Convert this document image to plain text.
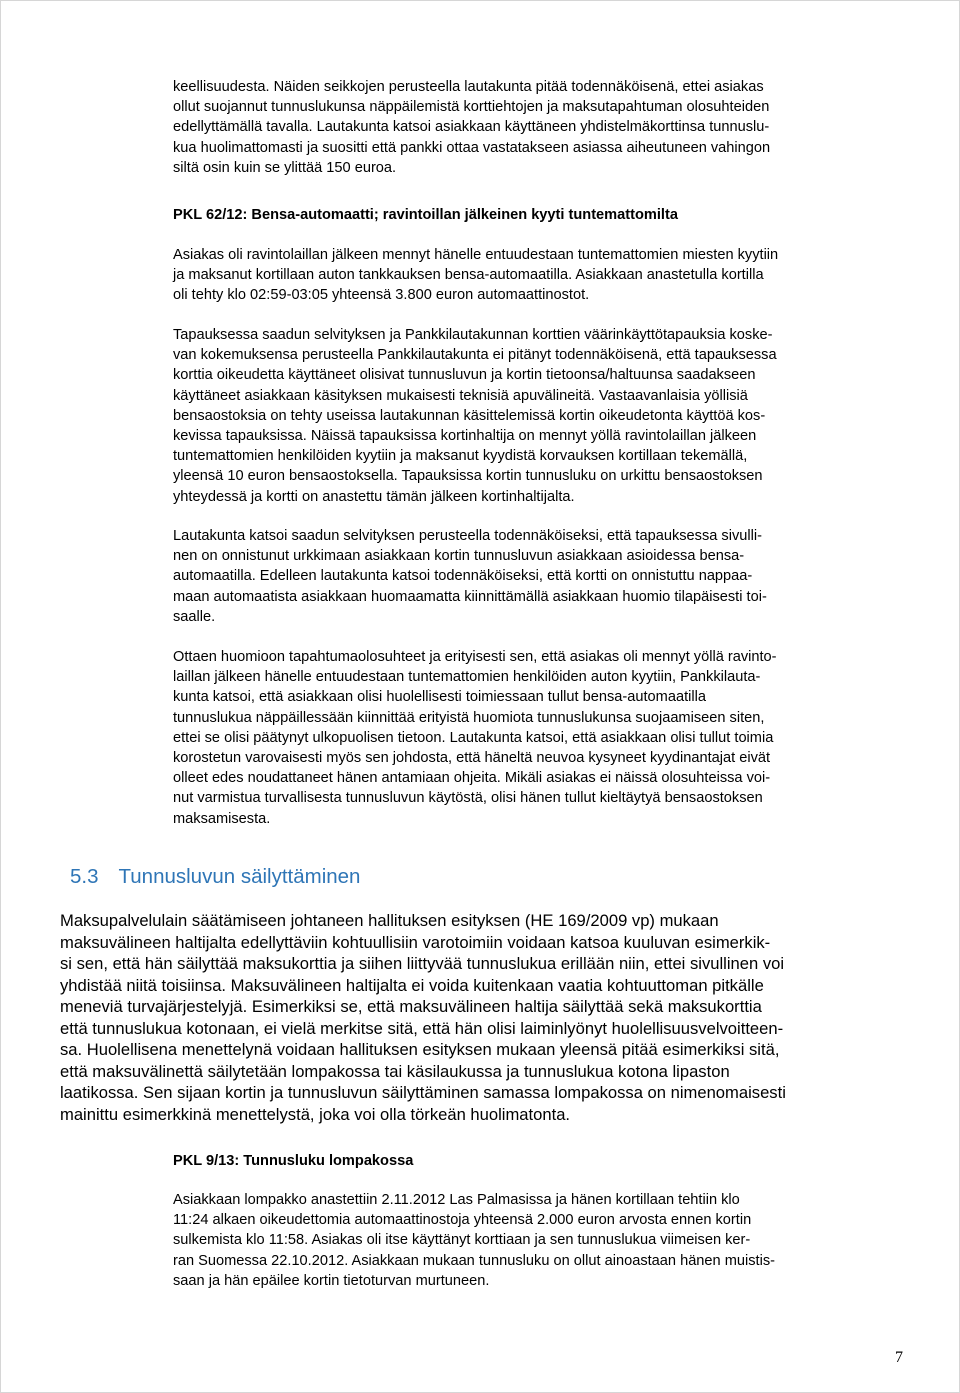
keellisuudesta. Näiden seikkojen perusteella lautakunta pitää todennäköisenä, ettei asiakas
ollut suojannut tunnuslukunsa näppäilemistä korttiehtojen ja maksutapahtuman olosuhteiden
edellyttämällä tavalla. Lautakunta katsoi asiakkaan käyttäneen yhdistelmäkorttinsa tunnuslu-
kua huolimattomasti ja suositti että pankki ottaa vastatakseen asiassa aiheutuneen vahingon
siltä osin kuin se ylittää 150 euroa.
PKL 62/12: Bensa-automaatti; ravintoillan jälkeinen kyyti tuntemattomilta
Asiakas oli ravintolaillan jälkeen mennyt hänelle entuudestaan tuntemattomien miesten kyytiin
ja maksanut kortillaan auton tankkauksen bensa-automaatilla. Asiakkaan anastetulla kortilla
oli tehty klo 02:59-03:05 yhteensä 3.800 euron automaattinostot.
Tapauksessa saadun selvityksen ja Pankkilautakunnan korttien väärinkäyttötapauksia koske-
van kokemuksensa perusteella Pankkilautakunta ei pitänyt todennäköisenä, että tapauksessa
korttia oikeudetta käyttäneet olisivat tunnusluvun ja kortin tietoonsa/haltuunsa saadakseen
käyttäneet asiakkaan käsityksen mukaisesti teknisiä apuvälineitä. Vastaavanlaisia yöllisiä
bensaostoksia on tehty useissa lautakunnan käsittelemissä kortin oikeudetonta käyttöä kos-
kevissa tapauksissa. Näissä tapauksissa kortinhaltija on mennyt yöllä ravintolaillan jälkeen
tuntemattomien henkilöiden kyytiin ja maksanut kyydistä korvauksen kortillaan tekemällä,
yleensä 10 euron bensaostoksella. Tapauksissa kortin tunnusluku on urkittu bensaostoksen
yhteydessä ja kortti on anastettu tämän jälkeen kortinhaltijalta.
Lautakunta katsoi saadun selvityksen perusteella todennäköiseksi, että tapauksessa sivulli-
nen on onnistunut urkkimaan asiakkaan kortin tunnusluvun asiakkaan asioidessa bensa-
automaatilla. Edelleen lautakunta katsoi todennäköiseksi, että kortti on onnistuttu nappaa-
maan automaatista asiakkaan huomaamatta kiinnittämällä asiakkaan huomio tilapäisesti toi-
saalle.
Ottaen huomioon tapahtumaolosuhteet ja erityisesti sen, että asiakas oli mennyt yöllä ravinto-
laillan jälkeen hänelle entuudestaan tuntemattomien henkilöiden auton kyytiin, Pankkilauta-
kunta katsoi, että asiakkaan olisi huolellisesti toimiessaan tullut bensa-automaatilla
tunnuslukua näppäillessään kiinnittää erityistä huomiota tunnuslukunsa suojaamiseen siten,
ettei se olisi päätynyt ulkopuolisen tietoon. Lautakunta katsoi, että asiakkaan olisi tullut toimia
korostetun varovaisesti myös sen johdosta, että häneltä neuvoa kysyneet kyydinantajat eivät
olleet edes noudattaneet hänen antamiaan ohjeita. Mikäli asiakas ei näissä olosuhteissa voi-
nut varmistua turvallisesta tunnusluvun käytöstä, olisi hänen tullut kieltäytyä bensaostoksen
maksamisesta.
5.3 Tunnusluvun säilyttäminen
Maksupalvelulain säätämiseen johtaneen hallituksen esityksen (HE 169/2009 vp) mukaan
maksuvälineen haltijalta edellyttäviin kohtuullisiin varotoimiin voidaan katsoa kuuluvan esimerkik-
si sen, että hän säilyttää maksukorttia ja siihen liittyvää tunnuslukua erillään niin, ettei sivullinen voi
yhdistää niitä toisiinsa. Maksuvälineen haltijalta ei voida kuitenkaan vaatia kohtuuttoman pitkälle
meneviä turvajärjestelyjä. Esimerkiksi se, että maksuvälineen haltija säilyttää sekä maksukorttia
että tunnuslukua kotonaan, ei vielä merkitse sitä, että hän olisi laiminlyönyt huolellisuusvelvoitteen-
sa. Huolellisena menettelynä voidaan hallituksen esityksen mukaan yleensä pitää esimerkiksi sitä,
että maksuvälinettä säilytetään lompakossa tai käsilaukussa ja tunnuslukua kotona lipaston
laatikossa. Sen sijaan kortin ja tunnusluvun säilyttäminen samassa lompakossa on nimenomaisesti
mainittu esimerkkinä menettelystä, joka voi olla törkeän huolimatonta.
PKL 9/13: Tunnusluku lompakossa
Asiakkaan lompakko anastettiin 2.11.2012 Las Palmasissa ja hänen kortillaan tehtiin klo
11:24 alkaen oikeudettomia automaattinostoja yhteensä 2.000 euron arvosta ennen kortin
sulkemista klo 11:58. Asiakas oli itse käyttänyt korttiaan ja sen tunnuslukua viimeisen ker-
ran Suomessa 22.10.2012. Asiakkaan mukaan tunnusluku on ollut ainoastaan hänen muistis-
saan ja hän epäilee kortin tietoturvan murtuneen.
7
